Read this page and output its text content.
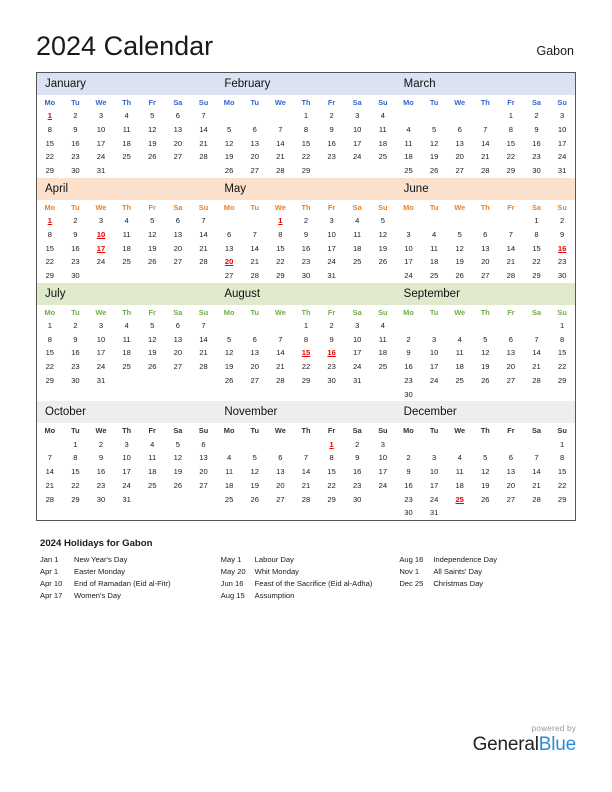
2024 Calendar	Gabon
January
Mo	Tu	We	Th	Fr	Sa	Su
1	2	3	4	5	6	7
8	9	10	11	12	13	14
15	16	17	18	19	20	21
22	23	24	25	26	27	28
29	30	31				
February
Mo	Tu	We	Th	Fr	Sa	Su
			1	2	3	4
5	6	7	8	9	10	11
12	13	14	15	16	17	18
19	20	21	22	23	24	25
26	27	28	29			
March
Mo	Tu	We	Th	Fr	Sa	Su
				1	2	3
4	5	6	7	8	9	10
11	12	13	14	15	16	17
18	19	20	21	22	23	24
25	26	27	28	29	30	31
April
Mo	Tu	We	Th	Fr	Sa	Su
1	2	3	4	5	6	7
8	9	10	11	12	13	14
15	16	17	18	19	20	21
22	23	24	25	26	27	28
29	30					
May
Mo	Tu	We	Th	Fr	Sa	Su
		1	2	3	4	5
6	7	8	9	10	11	12
13	14	15	16	17	18	19
20	21	22	23	24	25	26
27	28	29	30	31		
June
Mo	Tu	We	Th	Fr	Sa	Su
					1	2
3	4	5	6	7	8	9
10	11	12	13	14	15	16
17	18	19	20	21	22	23
24	25	26	27	28	29	30
July
Mo	Tu	We	Th	Fr	Sa	Su
1	2	3	4	5	6	7
8	9	10	11	12	13	14
15	16	17	18	19	20	21
22	23	24	25	26	27	28
29	30	31				
August
Mo	Tu	We	Th	Fr	Sa	Su
			1	2	3	4
5	6	7	8	9	10	11
12	13	14	15	16	17	18
19	20	21	22	23	24	25
26	27	28	29	30	31	
September
Mo	Tu	We	Th	Fr	Sa	Su
						1
2	3	4	5	6	7	8
9	10	11	12	13	14	15
16	17	18	19	20	21	22
23	24	25	26	27	28	29
30						
October
Mo	Tu	We	Th	Fr	Sa	Su
	1	2	3	4	5	6
7	8	9	10	11	12	13
14	15	16	17	18	19	20
21	22	23	24	25	26	27
28	29	30	31			
November
Mo	Tu	We	Th	Fr	Sa	Su
				1	2	3
4	5	6	7	8	9	10
11	12	13	14	15	16	17
18	19	20	21	22	23	24
25	26	27	28	29	30	
December
Mo	Tu	We	Th	Fr	Sa	Su
						1
2	3	4	5	6	7	8
9	10	11	12	13	14	15
16	17	18	19	20	21	22
23	24	25	26	27	28	29
30	31					
2024 Holidays for Gabon
Jan 1	New Year's Day
Apr 1	Easter Monday
Apr 10	End of Ramadan (Eid al-Fitr)
Apr 17	Women's Day
May 1	Labour Day
May 20	Whit Monday
Jun 16	Feast of the Sacrifice (Eid al-Adha)
Aug 15	Assumption
Aug 16	Independence Day
Nov 1	All Saints' Day
Dec 25	Christmas Day
powered by
GeneralBlue
